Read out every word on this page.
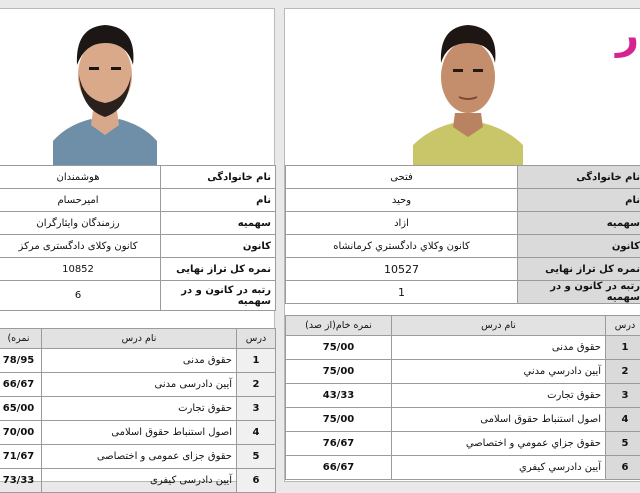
هوشمندان	نام خانوادگی
امیرحسام	نام
رزمندگان وایثارگران	سهمیه
کانون وکلای دادگستری مرکز	کانون
10852	نمره کل تراز نهایی
6	رتبه در کانون و در سهمیه
(نمره	نام درس	درس
78/95	حقوق مدنی	1
66/67	آیین دادرسی مدنی	2
65/00	حقوق تجارت	3
70/00	اصول استنباط حقوق اسلامی	4
71/67	حقوق جزای عمومی و اختصاصی	5
73/33	آیین دادرسی کیفری	6
ر
فتحی	نام خانوادگی
وحید	نام
ازاد	سهمیه
کانون وکلاي دادگستري کرمانشاه	کانون
10527	نمره کل تراز نهایی
1	رتبه در کانون و در سهمیه
نمره خام(از صد)	نام درس	درس
75/00	حقوق مدنی	1
75/00	آیین دادرسي مدني	2
43/33	حقوق تجارت	3
75/00	اصول استنباط حقوق اسلامی	4
76/67	حقوق جزاي عمومي و اختصاصي	5
66/67	آیین دادرسي کیفري	6
